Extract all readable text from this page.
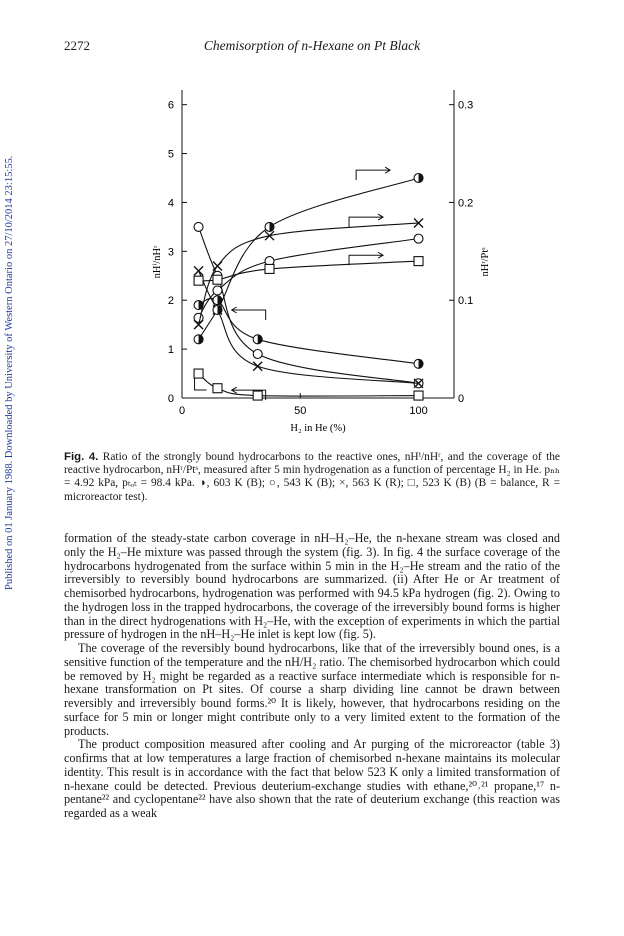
2272	Chemisorption of n-Hexane on Pt Black
Published on 01 January 1988. Downloaded by University of Western Ontario on 27/10/2014 23:15:55.	0
1
2
3
4
5
6
0
0.1
0.2
0.3
0	50	100
H₂ in He (%)
nHⁱ/nHʳ	nHʳ/Ptˢ
Fig. 4. Ratio of the strongly bound hydrocarbons to the reactive ones, nHⁱ/nHʳ, and the coverage of the reactive hydrocarbon, nHʳ/Ptˢ, measured after 5 min hydrogenation as a function of percentage H₂ in He. pₙₕ = 4.92 kPa, pₜₒₜ = 98.4 kPa. ◑, 603 K (B); ○, 543 K (B); ×, 563 K (R); □, 523 K (B) (B = balance, R = microreactor test).

formation of the steady-state carbon coverage in nH–H₂–He, the n-hexane stream was closed and only the H₂–He mixture was passed through the system (fig. 3). In fig. 4 the surface coverage of the hydrocarbons hydrogenated from the surface within 5 min in the H₂–He stream and the ratio of the irreversibly to reversibly bound hydrocarbons are summarized. (ii) After He or Ar treatment of chemisorbed hydrocarbons, hydrogenation was performed with 94.5 kPa hydrogen (fig. 2). Owing to the hydrogen loss in the trapped hydrocarbons, the coverage of the irreversibly bound forms is higher than in the direct hydrogenations with H₂–He, with the exception of experiments in which the partial pressure of hydrogen in the nH–H₂–He inlet is kept low (fig. 5).

The coverage of the reversibly bound hydrocarbons, like that of the irreversibly bound ones, is a sensitive function of the temperature and the nH/H₂ ratio. The chemisorbed hydrocarbon which could be removed by H₂ might be regarded as a reactive surface intermediate which is responsible for n-hexane transformation on Pt sites. Of course a sharp dividing line cannot be drawn between reversibly and irreversibly bound forms.²⁰ It is likely, however, that hydrocarbons residing on the surface for 5 min or longer might contribute only to a very limited extent to the formation of the products.

The product composition measured after cooling and Ar purging of the microreactor (table 3) confirms that at low temperatures a large fraction of chemisorbed n-hexane maintains its molecular identity. This result is in accordance with the fact that below 523 K only a limited transformation of n-hexane could be detected. Previous deuterium-exchange studies with ethane,²⁰˒²¹ propane,¹⁷ n-pentane²² and cyclopentane²² have also shown that the rate of deuterium exchange (this reaction was regarded as a weak
